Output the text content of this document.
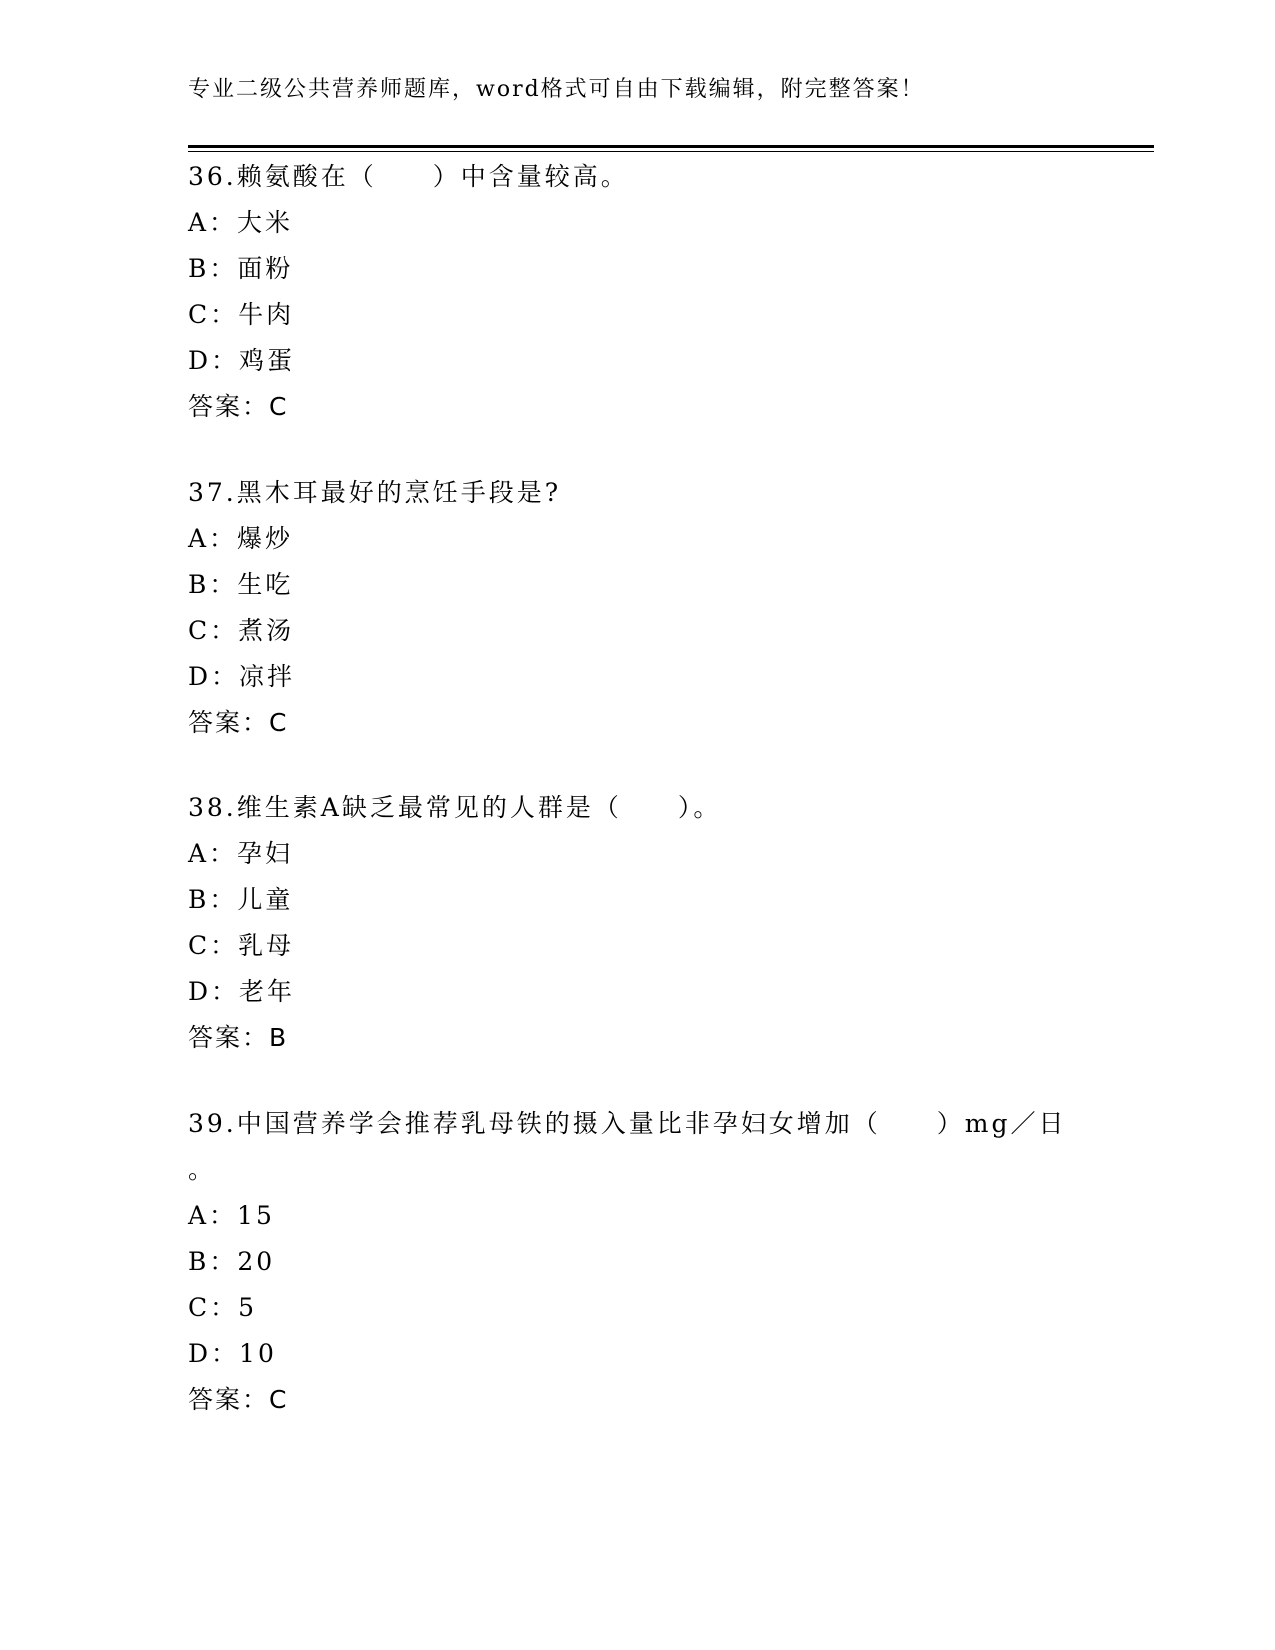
专业二级公共营养师题库，word格式可自由下载编辑，附完整答案！
36.赖氨酸在（　　）中含量较高。
A：大米
B：面粉
C：牛肉
D：鸡蛋
答案：C
37.黑木耳最好的烹饪手段是?
A：爆炒
B：生吃
C：煮汤
D：凉拌
答案：C
38.维生素A缺乏最常见的人群是（　　）。
A：孕妇
B：儿童
C：乳母
D：老年
答案：B
39.中国营养学会推荐乳母铁的摄入量比非孕妇女增加（　　）mg／日
。
A：15
B：20
C：5
D：10
答案：C
